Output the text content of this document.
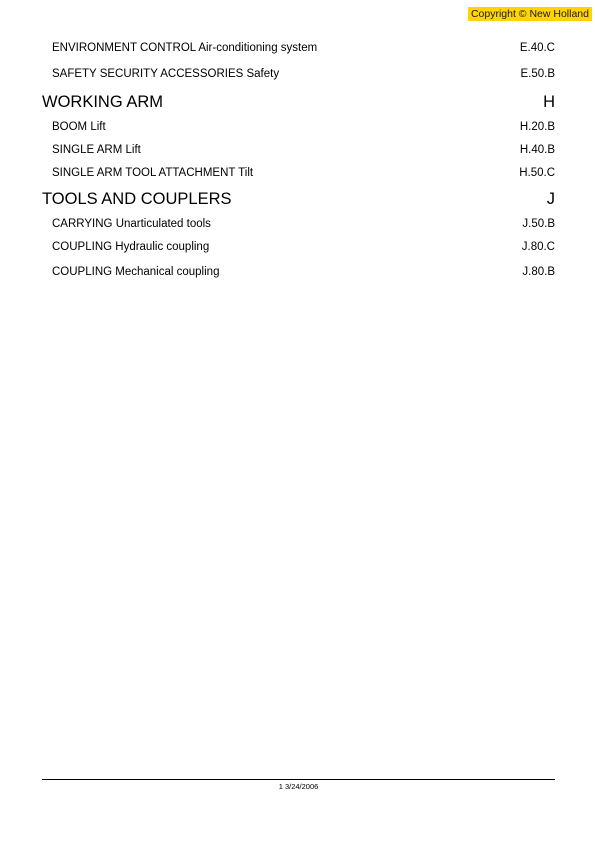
Copyright © New Holland
ENVIRONMENT CONTROL Air-conditioning system	E.40.C
SAFETY SECURITY ACCESSORIES Safety	E.50.B
WORKING ARM	H
BOOM Lift	H.20.B
SINGLE ARM Lift	H.40.B
SINGLE ARM TOOL ATTACHMENT Tilt	H.50.C
TOOLS AND COUPLERS	J
CARRYING Unarticulated tools	J.50.B
COUPLING Hydraulic coupling	J.80.C
COUPLING Mechanical coupling	J.80.B
1 3/24/2006
